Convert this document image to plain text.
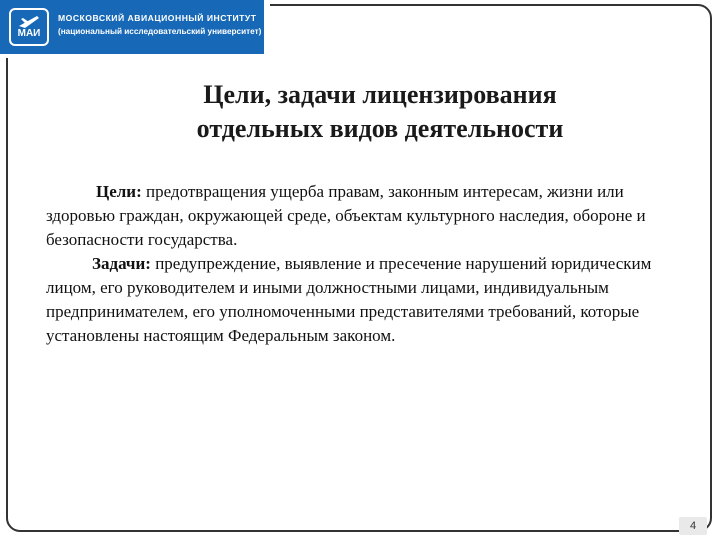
МАИ
МОСКОВСКИЙ АВИАЦИОННЫЙ ИНСТИТУТ
(национальный исследовательский университет)
Цели, задачи лицензирования
отдельных видов деятельности

Цели: предотвращения ущерба правам, законным интересам, жизни или здоровью граждан, окружающей среде, объектам культурного наследия, обороне и безопасности государства.

Задачи: предупреждение, выявление и пресечение нарушений юридическим лицом, его руководителем и иными должностными лицами, индивидуальным предпринимателем, его уполномоченными представителями требований, которые установлены настоящим Федеральным законом.

4
